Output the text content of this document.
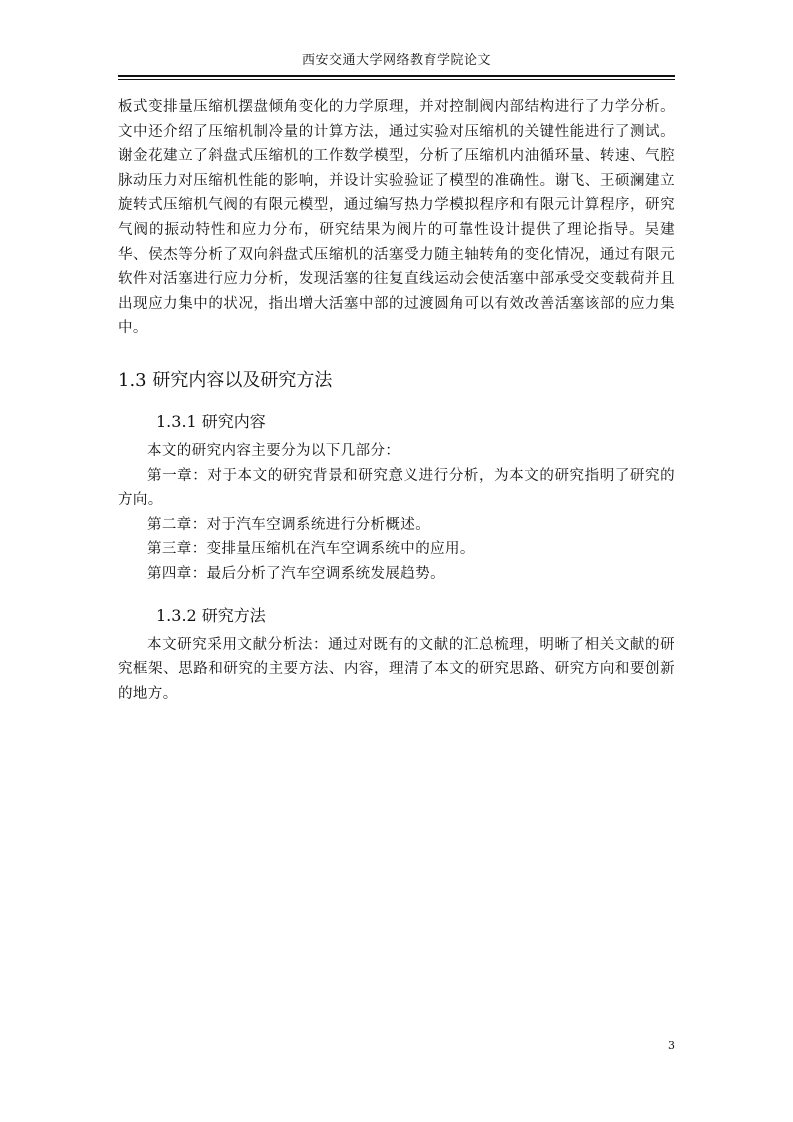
西安交通大学网络教育学院论文

板式变排量压缩机摆盘倾角变化的力学原理，并对控制阀内部结构进行了力学分析。文中还介绍了压缩机制冷量的计算方法，通过实验对压缩机的关键性能进行了测试。谢金花建立了斜盘式压缩机的工作数学模型，分析了压缩机内油循环量、转速、气腔脉动压力对压缩机性能的影响，并设计实验验证了模型的准确性。谢飞、王硕澜建立旋转式压缩机气阀的有限元模型，通过编写热力学模拟程序和有限元计算程序，研究气阀的振动特性和应力分布，研究结果为阀片的可靠性设计提供了理论指导。吴建华、侯杰等分析了双向斜盘式压缩机的活塞受力随主轴转角的变化情况，通过有限元软件对活塞进行应力分析，发现活塞的往复直线运动会使活塞中部承受交变载荷并且出现应力集中的状况，指出增大活塞中部的过渡圆角可以有效改善活塞该部的应力集中。

1.3 研究内容以及研究方法
1.3.1 研究内容

本文的研究内容主要分为以下几部分：

第一章：对于本文的研究背景和研究意义进行分析，为本文的研究指明了研究的方向。

第二章：对于汽车空调系统进行分析概述。

第三章：变排量压缩机在汽车空调系统中的应用。

第四章：最后分析了汽车空调系统发展趋势。

1.3.2 研究方法

本文研究采用文献分析法：通过对既有的文献的汇总梳理，明晰了相关文献的研究框架、思路和研究的主要方法、内容，理清了本文的研究思路、研究方向和要创新的地方。

3
